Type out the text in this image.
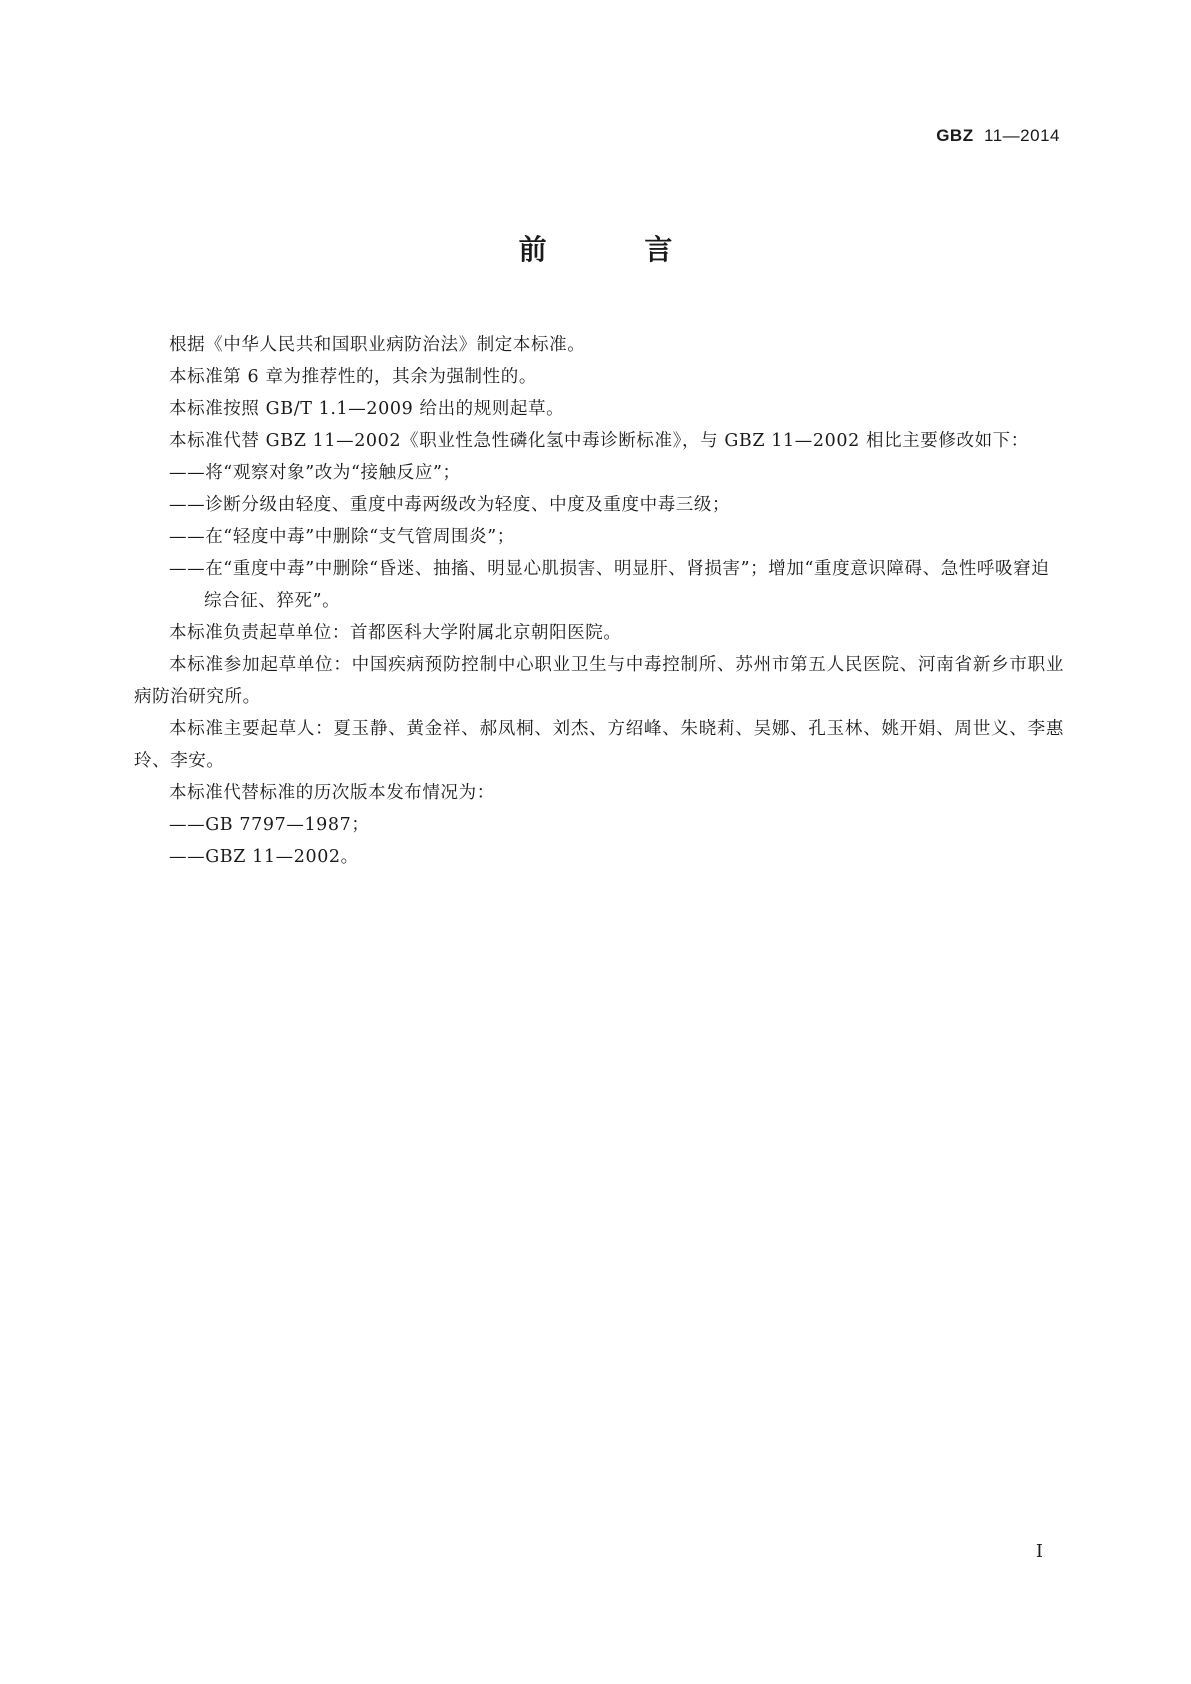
GBZ 11—2014
前 言

根据《中华人民共和国职业病防治法》制定本标准。

本标准第 6 章为推荐性的，其余为强制性的。

本标准按照 GB/T 1.1—2009 给出的规则起草。

本标准代替 GBZ 11—2002《职业性急性磷化氢中毒诊断标准》，与 GBZ 11—2002 相比主要修改如下：

——将“观察对象”改为“接触反应”；

——诊断分级由轻度、重度中毒两级改为轻度、中度及重度中毒三级；

——在“轻度中毒”中删除“支气管周围炎”；

——在“重度中毒”中删除“昏迷、抽搐、明显心肌损害、明显肝、肾损害”；增加“重度意识障碍、急性呼吸窘迫综合征、猝死”。

本标准负责起草单位：首都医科大学附属北京朝阳医院。

本标准参加起草单位：中国疾病预防控制中心职业卫生与中毒控制所、苏州市第五人民医院、河南省新乡市职业病防治研究所。

本标准主要起草人：夏玉静、黄金祥、郝凤桐、刘杰、方绍峰、朱晓莉、吴娜、孔玉林、姚开娟、周世义、李惠玲、李安。

本标准代替标准的历次版本发布情况为：

——GB 7797—1987；

——GBZ 11—2002。

I
